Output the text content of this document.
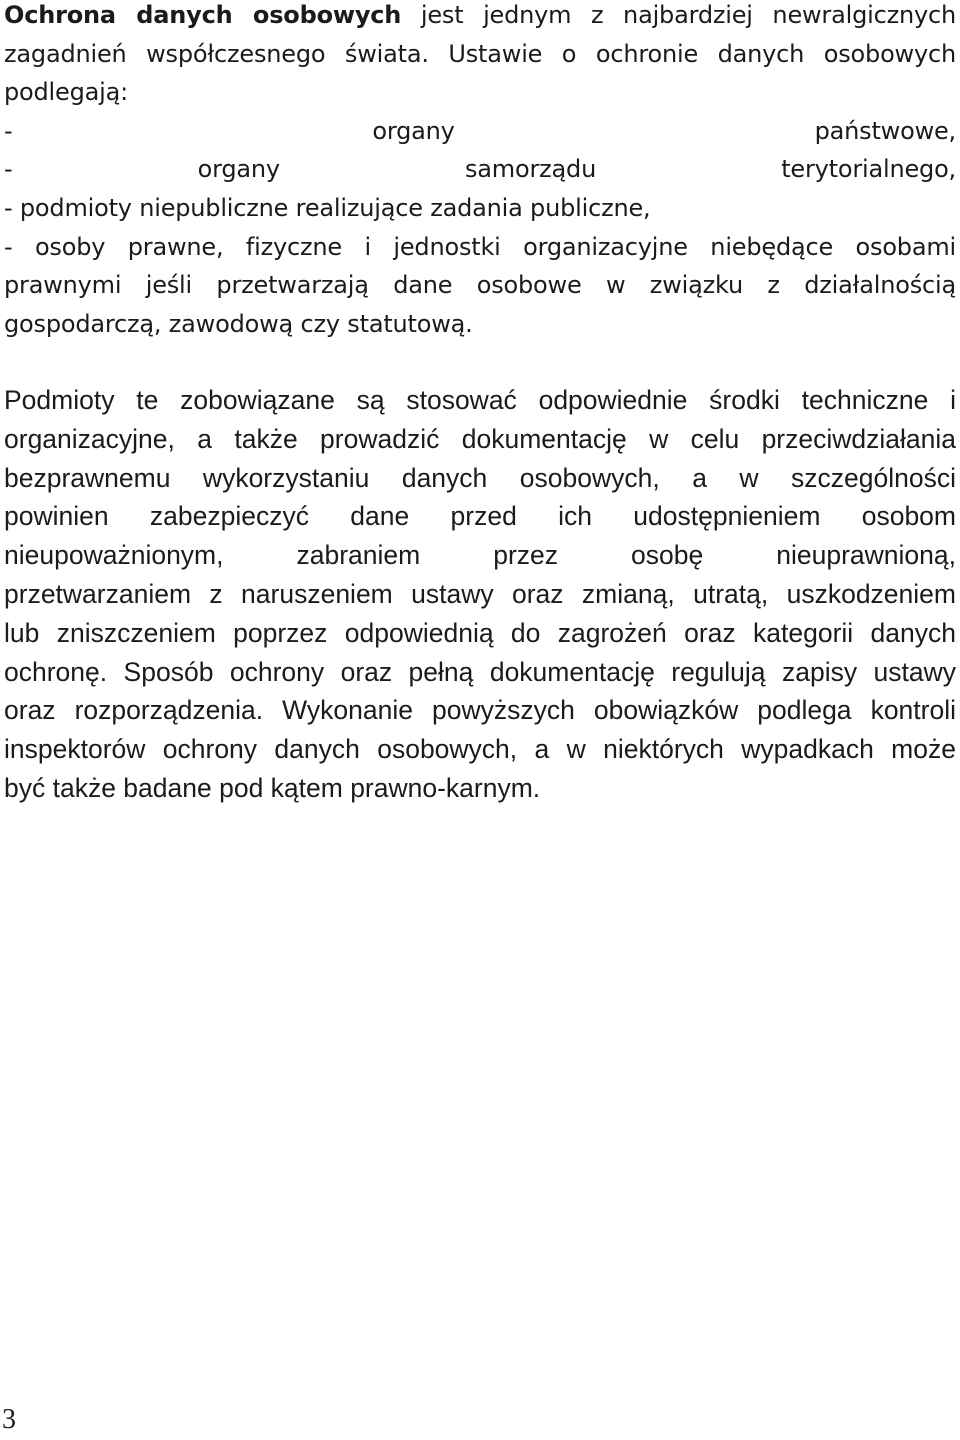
Ochrona danych osobowych jest jednym z najbardziej newralgicznych
zagadnień współczesnego świata. Ustawie o ochronie danych osobowych
podlegają:
- organy państwowe,
- organy samorządu terytorialnego,
- podmioty niepubliczne realizujące zadania publiczne,
- osoby prawne, fizyczne i jednostki organizacyjne niebędące osobami
prawnymi jeśli przetwarzają dane osobowe w związku z działalnością
gospodarczą, zawodową czy statutową.
Podmioty te zobowiązane są stosować odpowiednie środki techniczne i
organizacyjne, a także prowadzić dokumentację w celu przeciwdziałania
bezprawnemu wykorzystaniu danych osobowych, a w szczególności
powinien zabezpieczyć dane przed ich udostępnieniem osobom
nieupoważnionym, zabraniem przez osobę nieuprawnioną,
przetwarzaniem z naruszeniem ustawy oraz zmianą, utratą, uszkodzeniem
lub zniszczeniem poprzez odpowiednią do zagrożeń oraz kategorii danych
ochronę. Sposób ochrony oraz pełną dokumentację regulują zapisy ustawy
oraz rozporządzenia. Wykonanie powyższych obowiązków podlega kontroli
inspektorów ochrony danych osobowych, a w niektórych wypadkach może
być także badane pod kątem prawno-karnym.
3
